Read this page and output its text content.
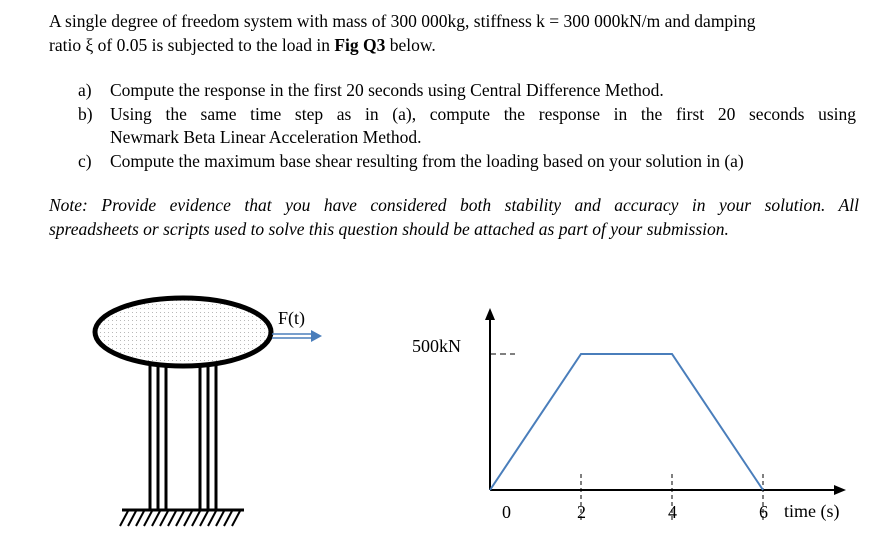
A single degree of freedom system with mass of 300 000kg, stiffness k = 300 000kN/m and damping
ratio ξ of 0.05 is subjected to the load in Fig Q3 below.
a)	Compute the response in the first 20 seconds using Central Difference Method.
b) Using the same time step as in (a), compute the response in the first 20 seconds using
Newmark Beta Linear Acceleration Method.
c)	Compute the maximum base shear resulting from the loading based on your solution in (a)
Note: Provide evidence that you have considered both stability and accuracy in your solution. All
spreadsheets or scripts used to solve this question should be attached as part of your submission.
F(t)
500kN
0	2	4	6 time (s)
